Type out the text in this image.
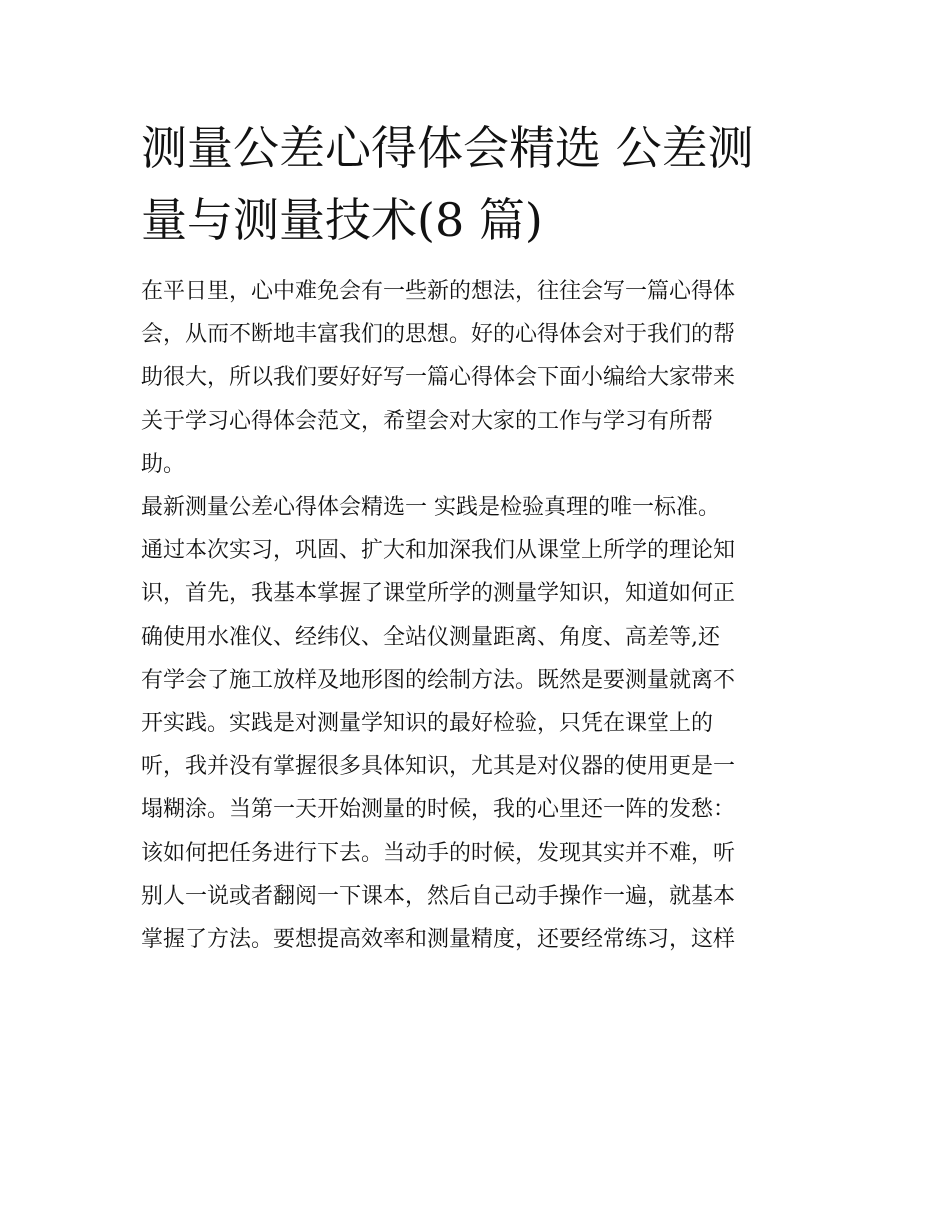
测量公差心得体会精选 公差测
量与测量技术(8 篇)
在平日里，心中难免会有一些新的想法，往往会写一篇心得体
会，从而不断地丰富我们的思想。好的心得体会对于我们的帮
助很大，所以我们要好好写一篇心得体会下面小编给大家带来
关于学习心得体会范文，希望会对大家的工作与学习有所帮
助。
最新测量公差心得体会精选一 实践是检验真理的唯一标准。
通过本次实习，巩固、扩大和加深我们从课堂上所学的理论知
识，首先，我基本掌握了课堂所学的测量学知识，知道如何正
确使用水准仪、经纬仪、全站仪测量距离、角度、高差等,还
有学会了施工放样及地形图的绘制方法。既然是要测量就离不
开实践。实践是对测量学知识的最好检验，只凭在课堂上的
听，我并没有掌握很多具体知识，尤其是对仪器的使用更是一
塌糊涂。当第一天开始测量的时候，我的心里还一阵的发愁：
该如何把任务进行下去。当动手的时候，发现其实并不难，听
别人一说或者翻阅一下课本，然后自己动手操作一遍，就基本
掌握了方法。要想提高效率和测量精度，还要经常练习，这样
